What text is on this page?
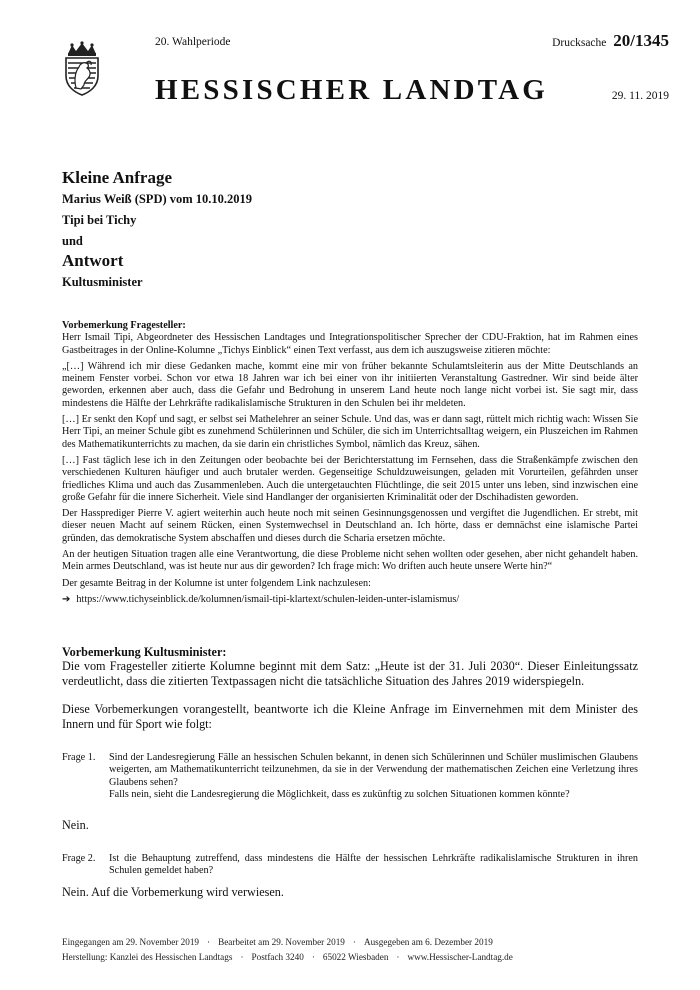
20. Wahlperiode	Drucksache 20/1345
HESSISCHER LANDTAG	29. 11. 2019
Kleine Anfrage
Marius Weiß (SPD) vom 10.10.2019
Tipi bei Tichy
und
Antwort
Kultusminister

Vorbemerkung Fragesteller:

Herr Ismail Tipi, Abgeordneter des Hessischen Landtages und Integrationspolitischer Sprecher der CDU-Fraktion, hat im Rahmen eines Gastbeitrages in der Online-Kolumne „Tichys Einblick“ einen Text verfasst, aus dem ich auszugsweise zitieren möchte:

„[…] Während ich mir diese Gedanken mache, kommt eine mir von früher bekannte Schulamtsleiterin aus der Mitte Deutschlands an meinem Fenster vorbei. Schon vor etwa 18 Jahren war ich bei einer von ihr initiierten Veranstaltung Gastredner. Wir sind beide älter geworden, erkennen aber auch, dass die Gefahr und Bedrohung in unserem Land heute noch lange nicht vorbei ist. Sie sagt mir, dass mindestens die Hälfte der Lehrkräfte radikalislamische Strukturen in den Schulen bei ihr meldeten.

[…] Er senkt den Kopf und sagt, er selbst sei Mathelehrer an seiner Schule. Und das, was er dann sagt, rüttelt mich richtig wach: Wissen Sie Herr Tipi, an meiner Schule gibt es zunehmend Schülerinnen und Schüler, die sich im Unterrichtsalltag weigern, ein Pluszeichen im Rahmen des Mathematikunterrichts zu machen, da sie darin ein christliches Symbol, nämlich das Kreuz, sähen.

[…] Fast täglich lese ich in den Zeitungen oder beobachte bei der Berichterstattung im Fernsehen, dass die Straßenkämpfe zwischen den verschiedenen Kulturen häufiger und auch brutaler werden. Gegenseitige Schuldzuweisungen, geladen mit Vorurteilen, gefährden unser friedliches Klima und auch das Zusammenleben. Auch die untergetauchten Flüchtlinge, die seit 2015 unter uns leben, sind inzwischen eine große Gefahr für die innere Sicherheit. Viele sind Handlanger der organisierten Kriminalität oder der Dschihadisten geworden.

Der Hassprediger Pierre V. agiert weiterhin auch heute noch mit seinen Gesinnungsgenossen und vergiftet die Jugendlichen. Er strebt, mit dieser neuen Macht auf seinem Rücken, einen Systemwechsel in Deutschland an. Ich hörte, dass er demnächst eine islamische Partei gründen, das demokratische System abschaffen und dieses durch die Scharia ersetzen möchte.

An der heutigen Situation tragen alle eine Verantwortung, die diese Probleme nicht sehen wollten oder gesehen, aber nicht gehandelt haben. Mein armes Deutschland, was ist heute nur aus dir geworden? Ich frage mich: Wo driften auch heute unsere Werte hin?“

Der gesamte Beitrag in der Kolumne ist unter folgendem Link nachzulesen:

➔ https://www.tichyseinblick.de/kolumnen/ismail-tipi-klartext/schulen-leiden-unter-islamismus/

Vorbemerkung Kultusminister:

Die vom Fragesteller zitierte Kolumne beginnt mit dem Satz: „Heute ist der 31. Juli 2030“. Dieser Einleitungssatz verdeutlicht, dass die zitierten Textpassagen nicht die tatsächliche Situation des Jahres 2019 widerspiegeln.

Diese Vorbemerkungen vorangestellt, beantworte ich die Kleine Anfrage im Einvernehmen mit dem Minister des Innern und für Sport wie folgt:

Frage 1. Sind der Landesregierung Fälle an hessischen Schulen bekannt, in denen sich Schülerinnen und Schüler muslimischen Glaubens weigerten, am Mathematikunterricht teilzunehmen, da sie in der Verwendung der mathematischen Zeichen eine Verletzung ihres Glaubens sehen?
Falls nein, sieht die Landesregierung die Möglichkeit, dass es zukünftig zu solchen Situationen kommen könnte?
Nein.
Frage 2. Ist die Behauptung zutreffend, dass mindestens die Hälfte der hessischen Lehrkräfte radikalislamische Strukturen in ihren Schulen gemeldet haben?
Nein. Auf die Vorbemerkung wird verwiesen.
Eingegangen am 29. November 2019 · Bearbeitet am 29. November 2019 · Ausgegeben am 6. Dezember 2019
Herstellung: Kanzlei des Hessischen Landtags · Postfach 3240 · 65022 Wiesbaden · www.Hessischer-Landtag.de
